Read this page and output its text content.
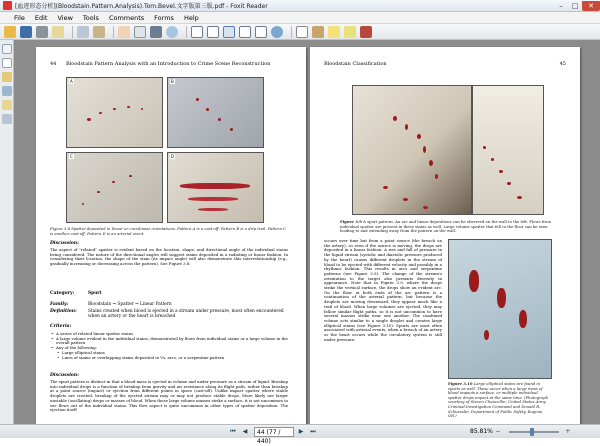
[血迹形态分析](Bloodstain.Pattern.Analysis).Tom.Bevel.文字版第三版.pdf - Foxit Reader	–	□	✕
File Edit View Tools Comments Forms Help
44 Bloodstain Pattern Analysis with an Introduction to Crime Scene Reconstruction
A	B
C	D
Figure 3.8 Spatter deposited in linear or curvilinear orientations. Pattern A is a cast-off. Pattern B is a drip trail. Pattern C is another cast-off. Pattern D is an arterial event.
Discussion:
The aspect of "related" spatter is evident based on the location, shape, and directional angle of the individual stains being considered. The nature of the directional angles will suggest stains deposited in a radiating or linear fashion. In considering their location, the shape of the stain (its impact angle) will also demonstrate this interrelationship (e.g., gradually increasing or decreasing across the pattern). See Figure 3.8.
Category:	Spurt
Family:	Bloodstain ⇒ Spatter ⇒ Linear Pattern
Definition:	Stains created when blood is ejected in a stream under pressure, most often encountered when an artery or the heart is breached
Criteria:
• A series of related linear spatter stains
• A large volume evident in the individual stains, demonstrated by flows from individual stains or a large volume in the overall pattern
• Any of the following:
• Large elliptical stains
• Lines of stains or overlapping stains deposited in Vs, arcs, or a serpentine pattern
Discussion:
The spurt pattern is distinct in that a blood mass is ejected in volume and under pressure as a stream of liquid. Breakup into individual drops is a function of breakup from gravity and air resistance along its flight path, rather than breakup at a point source (impact) or ejection from different points in space (cast-off). Unlike impact spatter where stable droplets are created, breakup of the ejected stream may or may not produce stable drops. More likely are larger unstable (oscillating) drops or masses of blood. When these large volume masses strike a surface, it is not uncommon to see flows out of the individual stains. This flow aspect is quite uncommon in other types of spatter deposition. The ejection itself
Bloodstain Classification	45
Figure 3.9 A spurt pattern. An arc and linear depositions can be observed on the wall to the left. Flows from individual spatter are present in these stains as well. Large volume spatter that fell to the floor can be seen leading to and extending away from the pattern on the wall.
occurs over time but from a point source (the breach on the artery), so even if the source is moving, the drops are deposited in a linear fashion. A rise and fall of pressure in the liquid stream (systolic and diastolic pressure produced by the heart) causes different droplets in the stream of blood to be ejected with different velocity and possibly in a rhythmic fashion. This results in arcs and serpentine patterns (see Figure 3.9). The change of the stream's orientation to the target also presents diversity in appearance. Note that in Figure 3.9, where the drops strike the vertical surface, the drops show an evident arc. On the floor at both ends of the arc pattern is a continuation of the arterial pattern, but because the droplets are moving downward, they appear much like a trail of blood. When large volumes are ejected, they may follow similar flight paths, so it is not uncommon to have several masses strike near one another. The combined volume acts similar to a single droplet and creates large elliptical stains (see Figure 3.10). Spurts are most often associated with arterial events, when a breach of an artery or the heart occurs while the circulatory system is still under pressure.
Figure 3.10 Large elliptical stains are found in spurts as well. These occur when a large mass of blood impacts a surface, or multiple individual spatter drops impact at the same time. (Photograph courtesy of Steven Chancellor, United States Army Criminal Investigation Command and Donald R. Schuessler, Department of Public Safety, Eugene, OR.)
⏮	◀	44 (77 / 440)
▶	⏭	85.81% −	+
